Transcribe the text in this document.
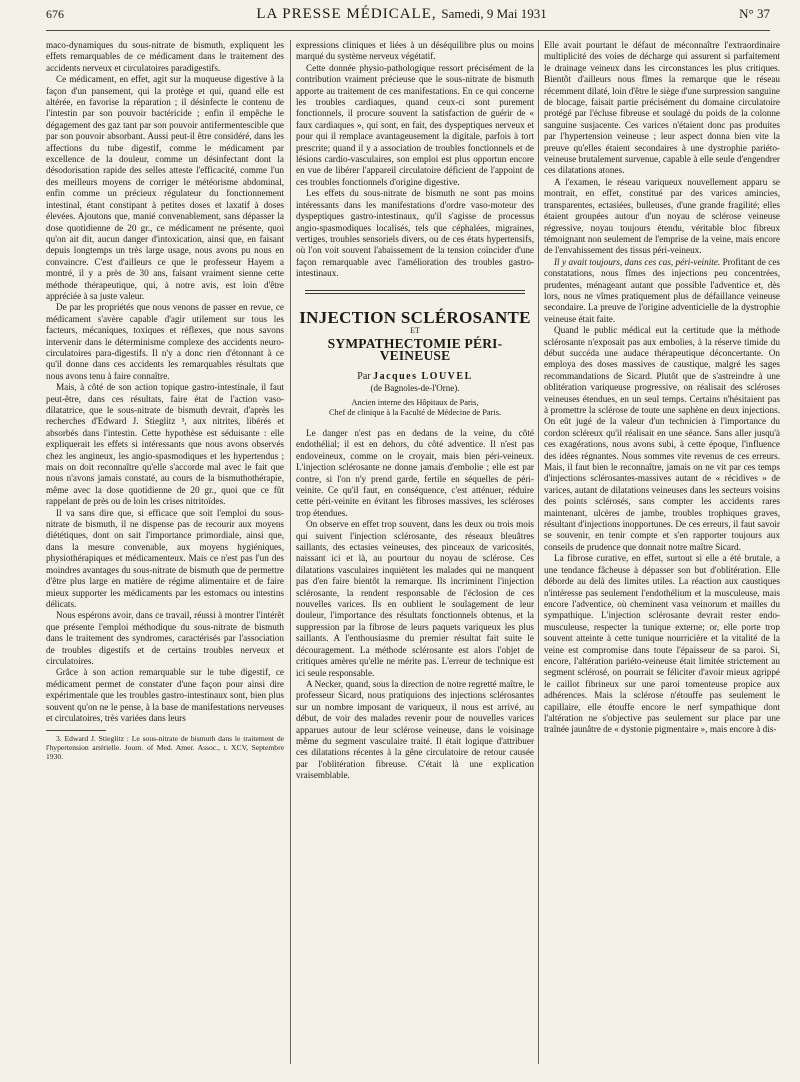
676	LA PRESSE MÉDICALE, Samedi, 9 Mai 1931	N° 37

maco-dynamiques du sous-nitrate de bismuth, expliquent les effets remarquables de ce médicament dans le traitement des accidents nerveux et circulatoires paradigestifs.

Ce médicament, en effet, agit sur la muqueuse digestive à la façon d'un pansement, qui la protège et qui, quand elle est altérée, en favorise la réparation ; il désinfecte le contenu de l'intestin par son pouvoir bactéricide ; enfin il empêche le dégagement des gaz tant par son pouvoir antifermentescible que par son pouvoir absorbant. Aussi peut-il être considéré, dans les affections du tube digestif, comme le médicament par excellence de la douleur, comme un désinfectant dont la désodorisation rapide des selles atteste l'efficacité, comme l'un des meilleurs moyens de corriger le météorisme abdominal, enfin comme un précieux régulateur du fonctionnement intestinal, étant constipant à petites doses et laxatif à doses élevées. Ajoutons que, manié convenablement, sans dépasser la dose quotidienne de 20 gr., ce médicament ne présente, quoi qu'on ait dit, aucun danger d'intoxication, ainsi que, en faisant depuis longtemps un très large usage, nous avons pu nous en convaincre. C'est d'ailleurs ce que le professeur Hayem a montré, il y a près de 30 ans, faisant vraiment sienne cette méthode thérapeutique, qui, à notre avis, est loin d'être appréciée à sa juste valeur.

De par les propriétés que nous venons de passer en revue, ce médicament s'avère capable d'agir utilement sur tous les facteurs, mécaniques, toxiques et réflexes, que nous savons intervenir dans le déterminisme complexe des accidents neuro-circulatoires para-digestifs. Il n'y a donc rien d'étonnant à ce qu'il donne dans ces accidents les remarquables résultats que nous avons tenu à faire connaître.

Mais, à côté de son action topique gastro-intestinale, il faut peut-être, dans ces résultats, faire état de l'action vaso-dilatatrice, que le sous-nitrate de bismuth devrait, d'après les recherches d'Edward J. Stieglitz ³, aux nitrites, libérés et absorbés dans l'intestin. Cette hypothèse est séduisante : elle expliquerait les effets si intéressants que nous avons observés chez les angineux, les angio-spasmodiques et les hypertendus ; mais on doit reconnaître qu'elle s'accorde mal avec le fait que nous n'avons jamais constaté, au cours de la bismuthothérapie, même avec la dose quotidienne de 20 gr., quoi que ce fût rappelant de près ou de loin les crises nitritoïdes.

Il va sans dire que, si efficace que soit l'emploi du sous-nitrate de bismuth, il ne dispense pas de recourir aux moyens diététiques, dont on sait l'importance primordiale, ainsi que, dans la mesure convenable, aux moyens hygiéniques, physiothérapiques et médicamenteux. Mais ce n'est pas l'un des moindres avantages du sous-nitrate de bismuth que de permettre d'être plus large en matière de régime alimentaire et de faire mieux supporter les médicaments par les estomacs ou intestins délicats.

Nous espérons avoir, dans ce travail, réussi à montrer l'intérêt que présente l'emploi méthodique du sous-nitrate de bismuth dans le traitement des syndromes, caractérisés par l'association de troubles digestifs et de certains troubles nerveux et circulatoires.

Grâce à son action remarquable sur le tube digestif, ce médicament permet de constater d'une façon pour ainsi dire expérimentale que les troubles gastro-intestinaux sont, bien plus souvent qu'on ne le pense, à la base de manifestations nerveuses et circulatoires, très variées dans leurs

3. Edward J. Stieglitz : Le sous-nitrate de bismuth dans le traitement de l'hypertension artérielle. Journ. of Med. Amer. Assoc., t. XCV, Septembre 1930.

expressions cliniques et liées à un déséquilibre plus ou moins marqué du système nerveux végétatif.

Cette donnée physio-pathologique ressort précisément de la contribution vraiment précieuse que le sous-nitrate de bismuth apporte au traitement de ces manifestations. En ce qui concerne les troubles cardiaques, quand ceux-ci sont purement fonctionnels, il procure souvent la satisfaction de guérir de « faux cardiaques », qui sont, en fait, des dyspeptiques nerveux et pour qui il remplace avantageusement la digitale, parfois à tort prescrite; quand il y a association de troubles fonctionnels et de lésions cardio-vasculaires, son emploi est plus opportun encore en vue de libérer l'appareil circulatoire déficient de l'appoint de ces troubles fonctionnels d'origine digestive.

Les effets du sous-nitrate de bismuth ne sont pas moins intéressants dans les manifestations d'ordre vaso-moteur des dyspeptiques gastro-intestinaux, qu'il s'agisse de processus angio-spasmodiques localisés, tels que céphalées, migraines, vertiges, troubles sensoriels divers, ou de ces états hypertensifs, où l'on voit souvent l'abaissement de la tension coïncider d'une façon remarquable avec l'amélioration des troubles gastro-intestinaux.

INJECTION SCLÉROSANTE
ET
SYMPATHECTOMIE PÉRI-VEINEUSE
Par Jacques LOUVEL
(de Bagnoles-de-l'Orne).
Ancien interne des Hôpitaux de Paris,
Chef de clinique à la Faculté de Médecine de Paris.

Le danger n'est pas en dedans de la veine, du côté endothélial; il est en dehors, du côté adventice. Il n'est pas endoveineux, comme on le croyait, mais bien péri-veineux. L'injection sclérosante ne donne jamais d'embolie ; elle est par contre, si l'on n'y prend garde, fertile en séquelles de péri-veinite. Ce qu'il faut, en conséquence, c'est atténuer, réduire cette péri-veinite en évitant les fibroses massives, les scléroses trop étendues.

On observe en effet trop souvent, dans les deux ou trois mois qui suivent l'injection sclérosante, des réseaux bleuâtres saillants, des ectasies veineuses, des pinceaux de varicosités, naissant ici et là, au pourtour du noyau de sclérose. Ces dilatations vasculaires inquiètent les malades qui ne manquent pas d'en faire bientôt la remarque. Ils incriminent l'injection sclérosante, la rendent responsable de l'éclosion de ces nouvelles varices. Ils en oublient le soulagement de leur douleur, l'importance des résultats fonctionnels obtenus, et la suppression par la fibrose de leurs paquets variqueux les plus saillants. A l'enthousiasme du premier résultat fait suite le découragement. La méthode sclérosante est alors l'objet de critiques amères qu'elle ne mérite pas. L'erreur de technique est ici seule responsable.

A Necker, quand, sous la direction de notre regretté maître, le professeur Sicard, nous pratiquions des injections sclérosantes sur un nombre imposant de variqueux, il nous est arrivé, au début, de voir des malades revenir pour de nouvelles varices apparues autour de leur sclérose veineuse, dans le voisinage même du segment vasculaire traité. Il était logique d'attribuer ces dilatations récentes à la gêne circulatoire de retour causée par l'oblitération fibreuse. C'était là une explication vraisemblable.

Elle avait pourtant le défaut de méconnaître l'extraordinaire multiplicité des voies de décharge qui assurent si parfaitement le drainage veineux dans les circonstances les plus critiques. Bientôt d'ailleurs nous fîmes la remarque que le réseau récemment dilaté, loin d'être le siège d'une surpression sanguine de blocage, faisait partie précisément du domaine circulatoire protégé par l'écluse fibreuse et soulagé du poids de la colonne sanguine susjacente. Ces varices n'étaient donc pas produites par l'hypertension veineuse ; leur aspect donna bien vite la preuve qu'elles étaient secondaires à une dystrophie pariéto-veineuse brutalement survenue, capable à elle seule d'engendrer ces dilatations atones.

A l'examen, le réseau variqueux nouvellement apparu se montrait, en effet, constitué par des varices amincies, transparentes, ectasiées, bulleuses, d'une grande fragilité; elles étaient groupées autour d'un noyau de sclérose veineuse régressive, noyau toujours étendu, véritable bloc fibreux témoignant non seulement de l'emprise de la veine, mais encore de l'envahissement des tissus péri-veineux.

Il y avait toujours, dans ces cas, péri-veinite. Profitant de ces constatations, nous fîmes des injections peu concentrées, prudentes, ménageant autant que possible l'adventice et, dès lors, nous ne vîmes pratiquement plus de défaillance veineuse secondaire. La preuve de l'origine adventicielle de la dystrophie veineuse était faite.

Quand le public médical eut la certitude que la méthode sclérosante n'exposait pas aux embolies, à la réserve timide du début succéda une audace thérapeutique déconcertante. On employa des doses massives de caustique, malgré les sages recommandations de Sicard. Plutôt que de s'astreindre à une oblitération variqueuse progressive, on réalisait des scléroses veineuses étendues, en un seul temps. Certains n'hésitaient pas à promettre la sclérose de toute une saphène en deux injections. On eût jugé de la valeur d'un technicien à l'importance du cordon scléreux qu'il réalisait en une séance. Sans aller jusqu'à ces exagérations, nous avons subi, à cette époque, l'influence des idées régnantes. Nous sommes vite revenus de ces erreurs. Mais, il faut bien le reconnaître, jamais on ne vit par ces temps d'injections sclérosantes-massives autant de « récidives » de varices, autant de dilatations veineuses dans les secteurs voisins des points sclérosés, sans compter les accidents rares maintenant, ulcères de jambe, troubles trophiques graves, résultant d'injections inopportunes. De ces erreurs, il faut savoir se souvenir, en tenir compte et s'en rapporter toujours aux conseils de prudence que donnait notre maître Sicard.

La fibrose curative, en effet, surtout si elle a été brutale, a une tendance fâcheuse à dépasser son but d'oblitération. Elle déborde au delà des limites utiles. La réaction aux caustiques n'intéresse pas seulement l'endothélium et la musculeuse, mais encore l'adventice, où cheminent vasa veinorum et mailles du sympathique. L'injection sclérosante devrait rester endo-musculeuse, respecter la tunique externe; or, elle porte trop souvent atteinte à cette tunique nourricière et la vitalité de la veine est compromise dans toute l'épaisseur de sa paroi. Si, encore, l'altération pariéto-veineuse était limitée strictement au segment sclérosé, on pourrait se féliciter d'avoir mieux agrippé le caillot fibrineux sur une paroi tomenteuse propice aux adhérences. Mais la sclérose n'étouffe pas seulement le capillaire, elle étouffe encore le nerf sympathique dont l'altération ne s'objective pas seulement sur place par une traînée jaunâtre de « dystonie pigmentaire », mais encore à dis-
